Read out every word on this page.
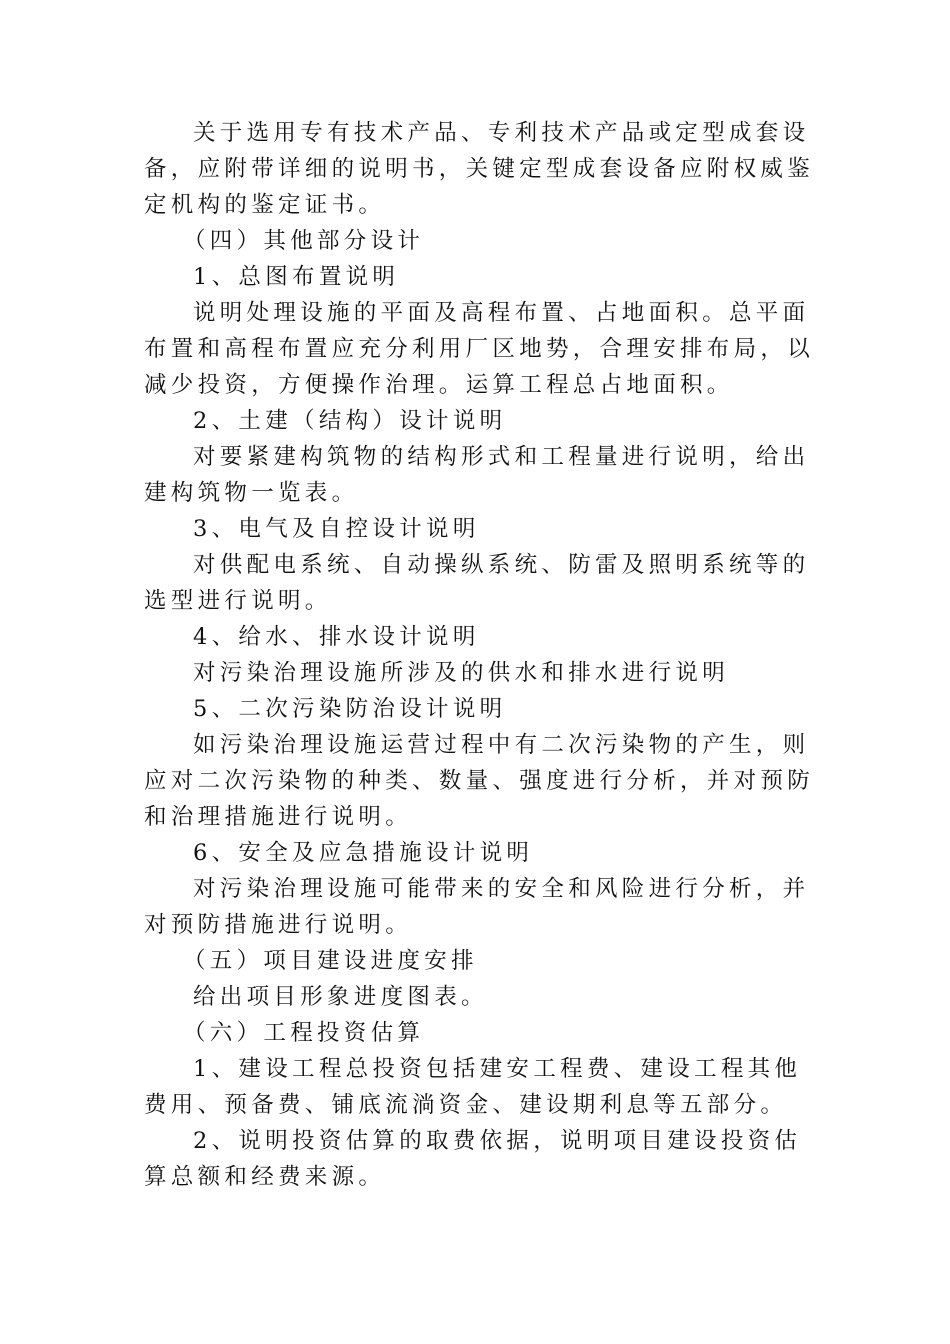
关于选用专有技术产品、专利技术产品或定型成套设备，应附带详细的说明书，关键定型成套设备应附权威鉴定机构的鉴定证书。

（四）其他部分设计

1、总图布置说明

说明处理设施的平面及高程布置、占地面积。总平面布置和高程布置应充分利用厂区地势，合理安排布局，以减少投资，方便操作治理。运算工程总占地面积。

2、土建（结构）设计说明

对要紧建构筑物的结构形式和工程量进行说明，给出建构筑物一览表。

3、电气及自控设计说明

对供配电系统、自动操纵系统、防雷及照明系统等的选型进行说明。

4、给水、排水设计说明

对污染治理设施所涉及的供水和排水进行说明

5、二次污染防治设计说明

如污染治理设施运营过程中有二次污染物的产生，则应对二次污染物的种类、数量、强度进行分析，并对预防和治理措施进行说明。

6、安全及应急措施设计说明

对污染治理设施可能带来的安全和风险进行分析，并对预防措施进行说明。

（五）项目建设进度安排

给出项目形象进度图表。

（六）工程投资估算

1、建设工程总投资包括建安工程费、建设工程其他费用、预备费、铺底流淌资金、建设期利息等五部分。

2、说明投资估算的取费依据，说明项目建设投资估算总额和经费来源。
